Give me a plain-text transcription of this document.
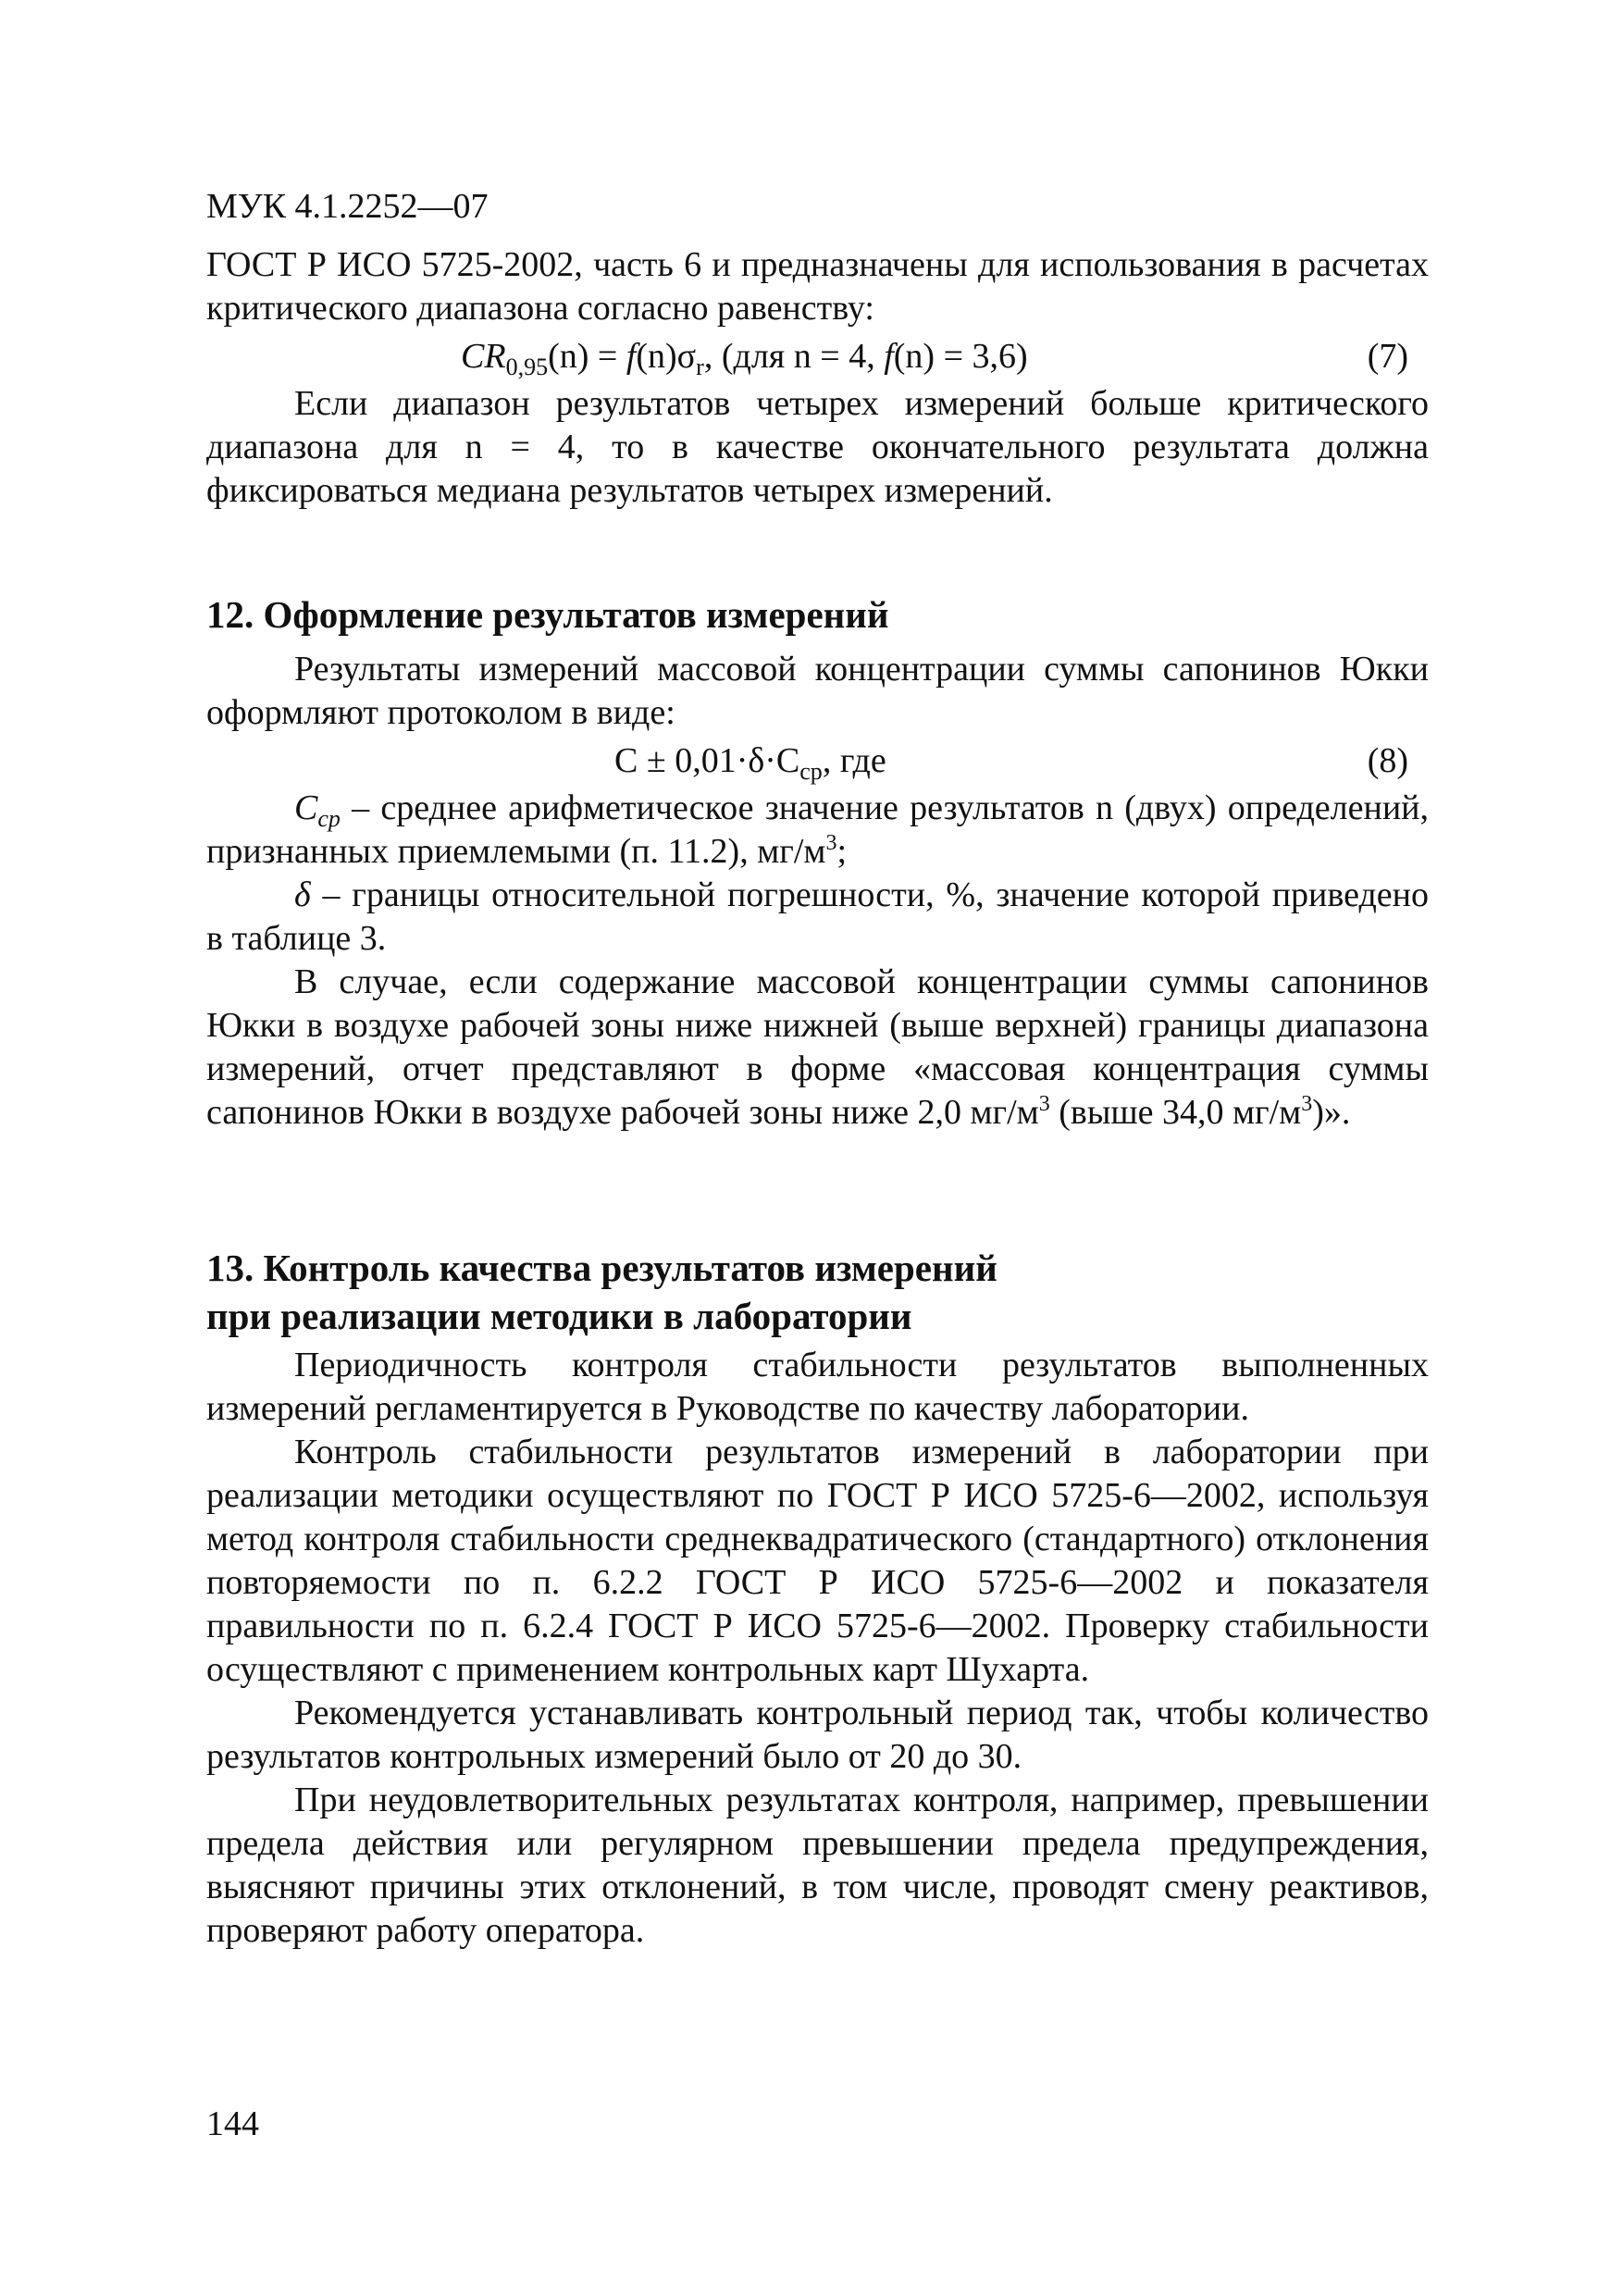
МУК 4.1.2252—07

ГОСТ Р ИСО 5725-2002, часть 6 и предназначены для использования в расчетах критического диапазона согласно равенству:

$CR_{0,95}(n) = f(n)\sigma_r$, (для n = 4, f(n) = 3,6)	(7)

Если диапазон результатов четырех измерений больше критического диапазона для n = 4, то в качестве окончательного результата должна фиксироваться медиана результатов четырех измерений.

12. Оформление результатов измерений

Результаты измерений массовой концентрации суммы сапонинов Юкки оформляют протоколом в виде:

$С \pm 0,01\cdot\delta\cdot С_{ср}$, где	(8)

$C_{cp}$ – среднее арифметическое значение результатов n (двух) определений, признанных приемлемыми (п. 11.2), $мг/м^3$;

δ – границы относительной погрешности, %, значение которой приведено в таблице 3.

В случае, если содержание массовой концентрации суммы сапонинов Юкки в воздухе рабочей зоны ниже нижней (выше верхней) границы диапазона измерений, отчет представляют в форме «массовая концентрация суммы сапонинов Юкки в воздухе рабочей зоны ниже 2,0 $мг/м^3$ (выше 34,0 $мг/м^3$)».

13. Контроль качества результатов измерений

при реализации методики в лаборатории

Периодичность контроля стабильности результатов выполненных измерений регламентируется в Руководстве по качеству лаборатории.

Контроль стабильности результатов измерений в лаборатории при реализации методики осуществляют по ГОСТ Р ИСО 5725-6—2002, используя метод контроля стабильности среднеквадратического (стандартного) отклонения повторяемости по п. 6.2.2 ГОСТ Р ИСО 5725-6—2002 и показателя правильности по п. 6.2.4 ГОСТ Р ИСО 5725-6—2002. Проверку стабильности осуществляют с применением контрольных карт Шухарта.

Рекомендуется устанавливать контрольный период так, чтобы количество результатов контрольных измерений было от 20 до 30.

При неудовлетворительных результатах контроля, например, превышении предела действия или регулярном превышении предела предупреждения, выясняют причины этих отклонений, в том числе, проводят смену реактивов, проверяют работу оператора.

144
